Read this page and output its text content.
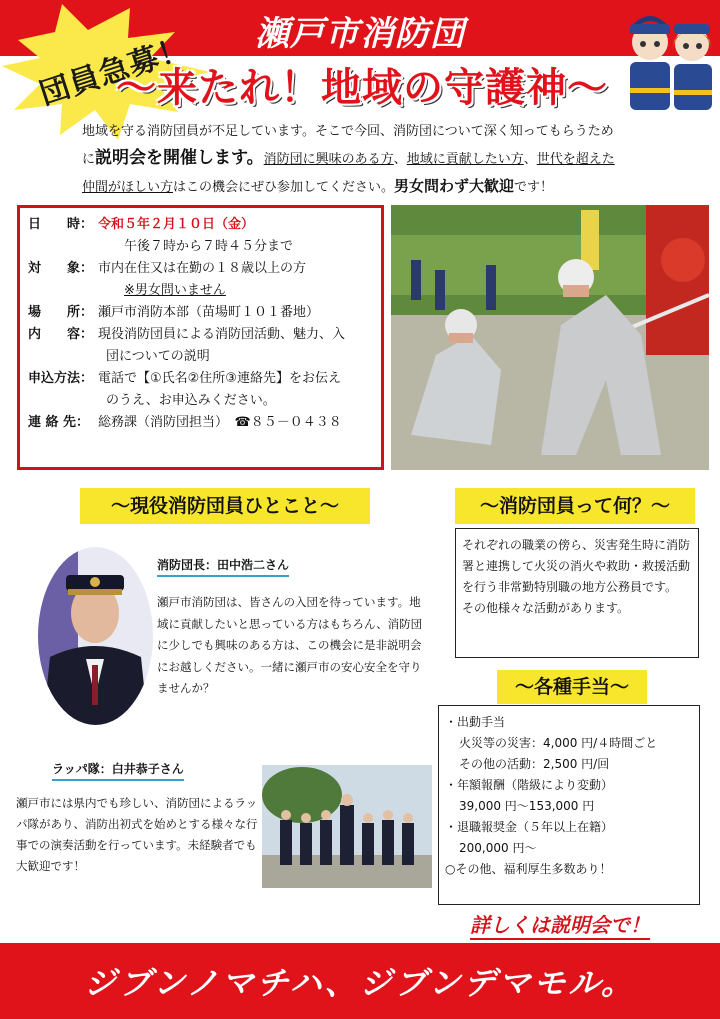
瀬戸市消防団
団員急募！
～来たれ！地域の守護神～
地域を守る消防団員が不足しています。そこで今回、消防団について深く知ってもらうため
に説明会を開催します。消防団に興味のある方、地域に貢献したい方、世代を超えた
仲間がほしい方はこの機会にぜひ参加してください。男女問わず大歓迎です！
日　　時： 令和５年２月１０日（金）
午後７時から７時４５分まで
対　　象： 市内在住又は在勤の１８歳以上の方
※男女問いません
場　　所： 瀬戸市消防本部（苗場町１０１番地）
内　　容： 現役消防団員による消防団活動、魅力、入
団についての説明
申込方法： 電話で【①氏名②住所③連絡先】をお伝え
のうえ、お申込みください。
連 絡 先： 総務課（消防団担当）　☎８５－０４３８
～現役消防団員ひとこと～	～消防団員って何？～
消防団長：田中浩二さん
瀬戸市消防団は、皆さんの入団を待っています。地域に貢献したいと思っている方はもちろん、消防団に少しでも興味のある方は、この機会に是非説明会にお越しください。一緒に瀬戸市の安心安全を守りませんか？
ラッパ隊：白井恭子さん
瀬戸市には県内でも珍しい、消防団によるラッパ隊があり、消防出初式を始めとする様々な行事での演奏活動を行っています。未経験者でも大歓迎です！
それぞれの職業の傍ら、災害発生時に消防署と連携して火災の消火や救助・救援活動を行う非常勤特別職の地方公務員です。
その他様々な活動があります。
～各種手当～
・出動手当
火災等の災害：4,000 円/４時間ごと
その他の活動：2,500 円/回
・年額報酬（階級により変動）
39,000 円～153,000 円
・退職報奨金（５年以上在籍）
200,000 円～
○その他、福利厚生多数あり！
詳しくは説明会で！
ジブンノマチハ、ジブンデマモル。
